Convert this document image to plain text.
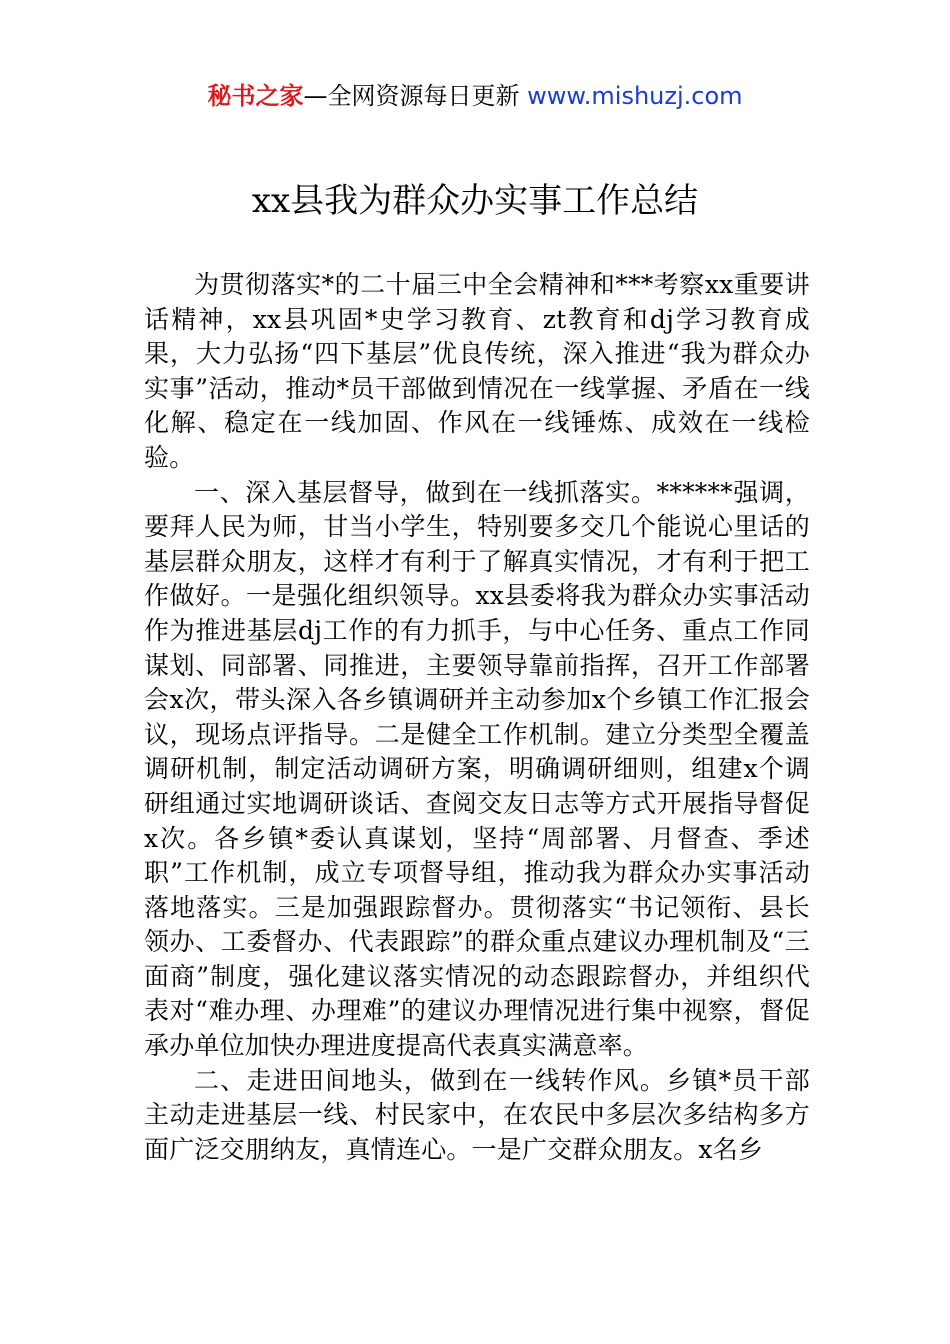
秘书之家—全网资源每日更新 www.mishuzj.com
xx县我为群众办实事工作总结

为贯彻落实*的二十届三中全会精神和***考察xx重要讲话精神，xx县巩固*史学习教育、zt教育和dj学习教育成果，大力弘扬“四下基层”优良传统，深入推进“我为群众办实事”活动，推动*员干部做到情况在一线掌握、矛盾在一线化解、稳定在一线加固、作风在一线锤炼、成效在一线检验。

一、深入基层督导，做到在一线抓落实。******强调，要拜人民为师，甘当小学生，特别要多交几个能说心里话的基层群众朋友，这样才有利于了解真实情况，才有利于把工作做好。一是强化组织领导。xx县委将我为群众办实事活动作为推进基层dj工作的有力抓手，与中心任务、重点工作同谋划、同部署、同推进，主要领导靠前指挥，召开工作部署会x次，带头深入各乡镇调研并主动参加x个乡镇工作汇报会议，现场点评指导。二是健全工作机制。建立分类型全覆盖调研机制，制定活动调研方案，明确调研细则，组建x个调研组通过实地调研谈话、查阅交友日志等方式开展指导督促x次。各乡镇*委认真谋划，坚持“周部署、月督查、季述职”工作机制，成立专项督导组，推动我为群众办实事活动落地落实。三是加强跟踪督办。贯彻落实“书记领衔、县长领办、工委督办、代表跟踪”的群众重点建议办理机制及“三面商”制度，强化建议落实情况的动态跟踪督办，并组织代表对“难办理、办理难”的建议办理情况进行集中视察，督促承办单位加快办理进度提高代表真实满意率。

二、走进田间地头，做到在一线转作风。乡镇*员干部主动走进基层一线、村民家中，在农民中多层次多结构多方面广泛交朋纳友，真情连心。一是广交群众朋友。x名乡
